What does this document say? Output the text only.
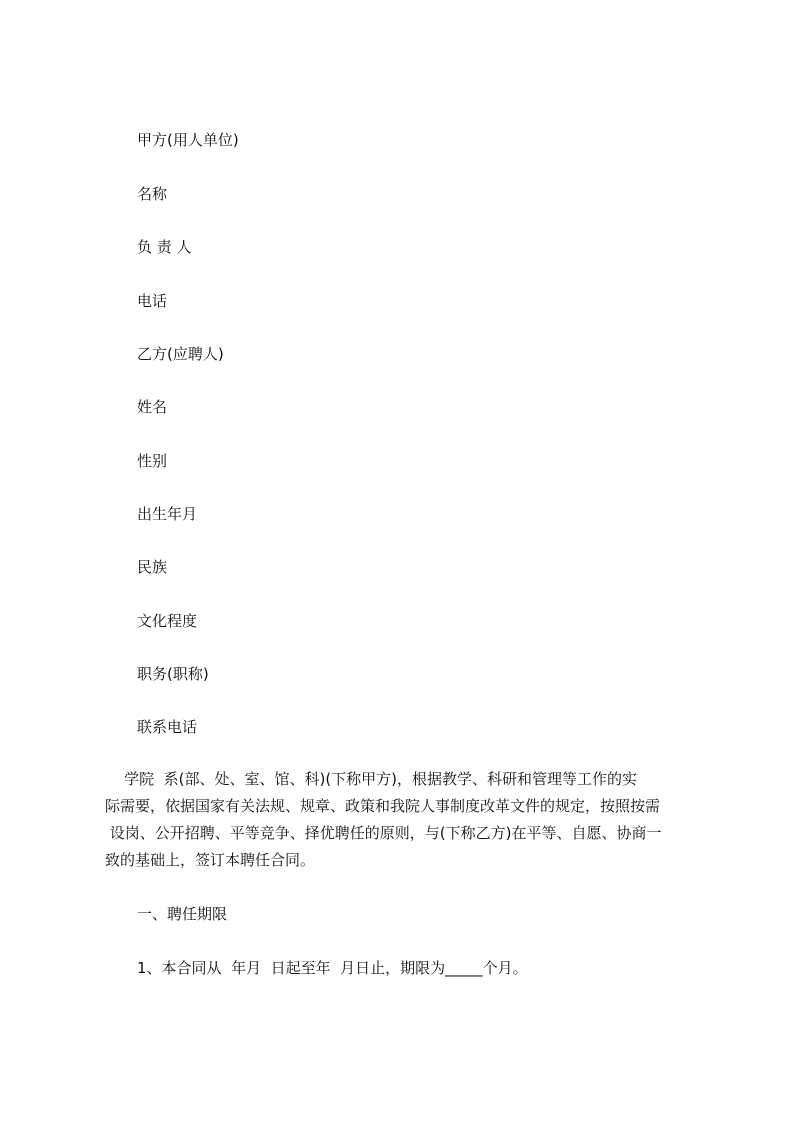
甲方(用人单位)

名称

负 责 人

电话

乙方(应聘人)

姓名

性别

出生年月

民族

文化程度

职务(职称)

联系电话

学院  系(部、处、室、馆、科)(下称甲方)，根据教学、科研和管理等工作的实
际需要，依据国家有关法规、规章、政策和我院人事制度改革文件的规定，按照按需
设岗、公开招聘、平等竞争、择优聘任的原则，与(下称乙方)在平等、自愿、协商一
致的基础上，签订本聘任合同。

一、聘任期限

1、本合同从  年月  日起至年  月日止，期限为_____个月。
